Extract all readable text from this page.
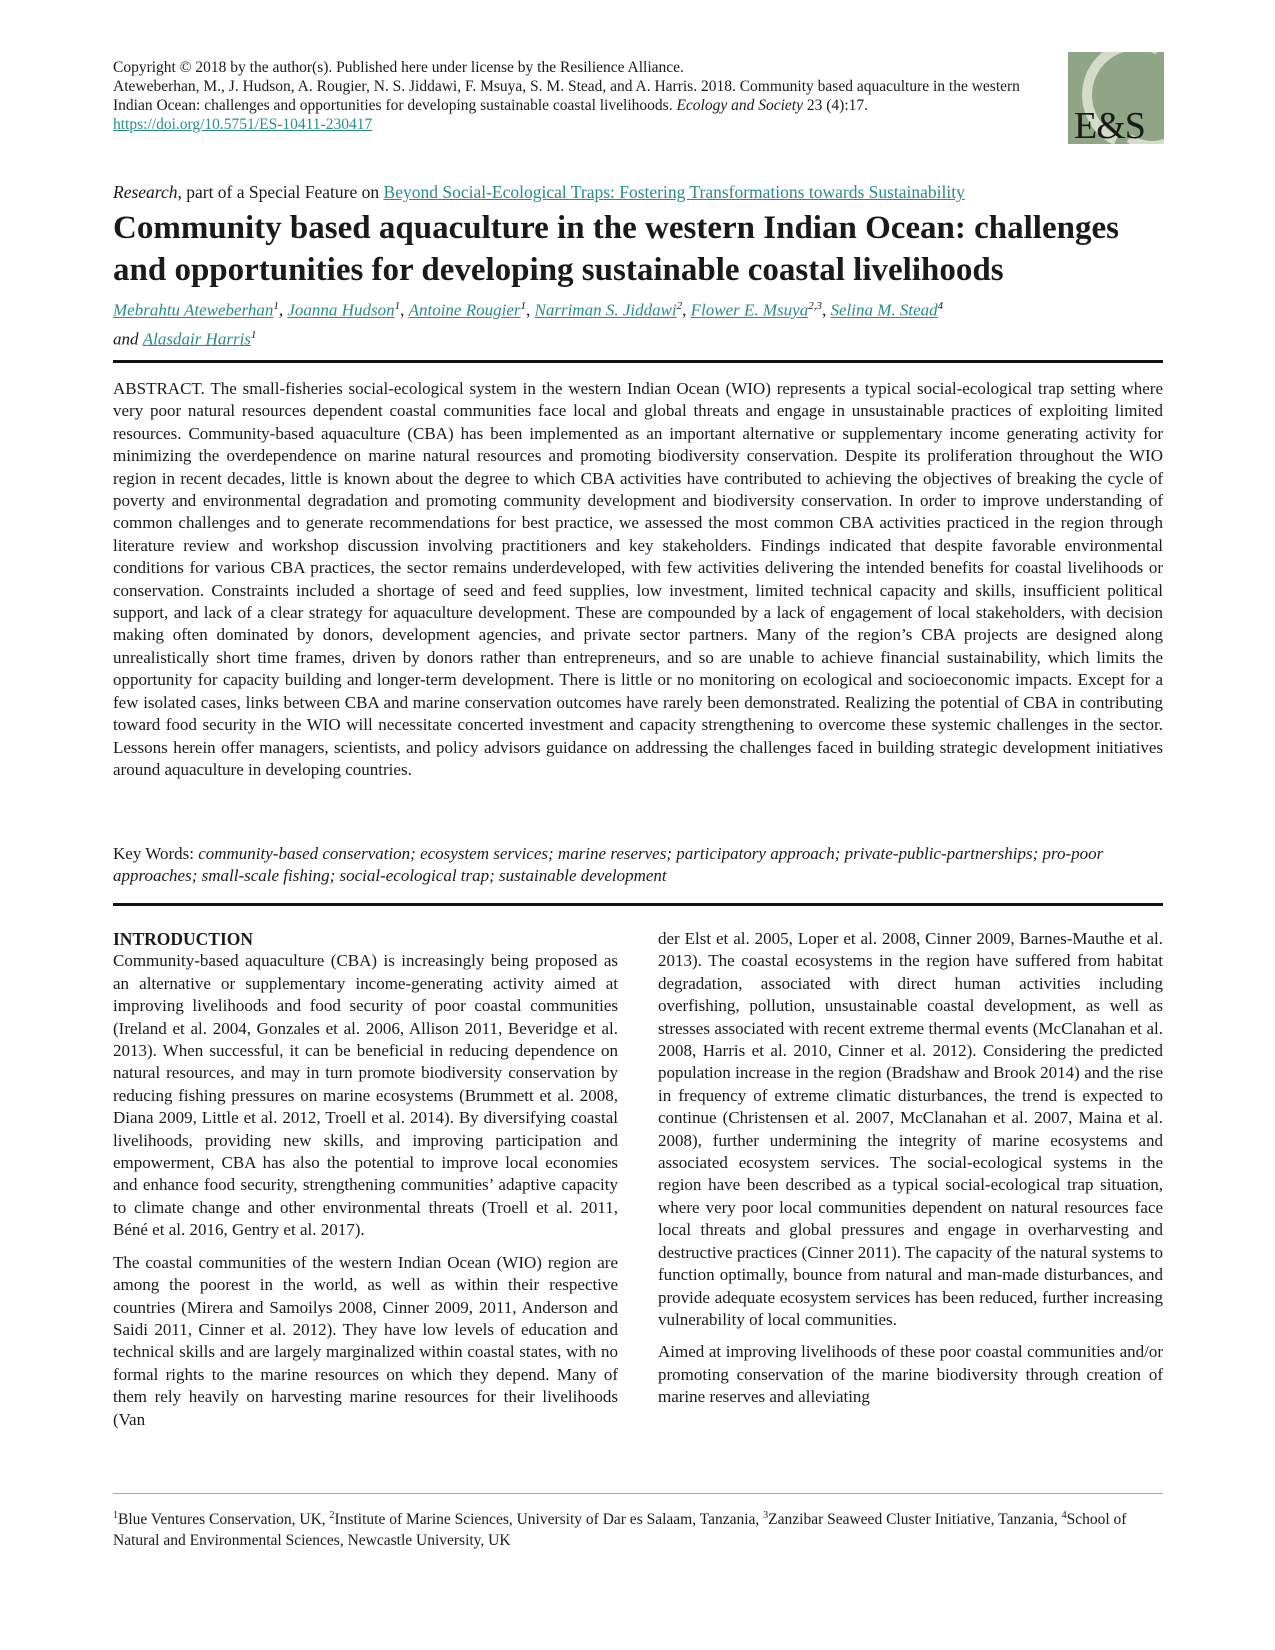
Copyright © 2018 by the author(s). Published here under license by the Resilience Alliance.
Ateweberhan, M., J. Hudson, A. Rougier, N. S. Jiddawi, F. Msuya, S. M. Stead, and A. Harris. 2018. Community based aquaculture in the western Indian Ocean: challenges and opportunities for developing sustainable coastal livelihoods. Ecology and Society 23 (4):17. https://doi.org/10.5751/ES-10411-230417	E&S
Research, part of a Special Feature on Beyond Social-Ecological Traps: Fostering Transformations towards Sustainability
Community based aquaculture in the western Indian Ocean: challenges and opportunities for developing sustainable coastal livelihoods
Mebrahtu Ateweberhan$^1$, Joanna Hudson$^1$, Antoine Rougier$^1$, Narriman S. Jiddawi$^2$, Flower E. Msuya$^{2,3}$, Selina M. Stead$^4$
and Alasdair Harris$^1$

ABSTRACT. The small-fisheries social-ecological system in the western Indian Ocean (WIO) represents a typical social-ecological trap setting where very poor natural resources dependent coastal communities face local and global threats and engage in unsustainable practices of exploiting limited resources. Community-based aquaculture (CBA) has been implemented as an important alternative or supplementary income generating activity for minimizing the overdependence on marine natural resources and promoting biodiversity conservation. Despite its proliferation throughout the WIO region in recent decades, little is known about the degree to which CBA activities have contributed to achieving the objectives of breaking the cycle of poverty and environmental degradation and promoting community development and biodiversity conservation. In order to improve understanding of common challenges and to generate recommendations for best practice, we assessed the most common CBA activities practiced in the region through literature review and workshop discussion involving practitioners and key stakeholders. Findings indicated that despite favorable environmental conditions for various CBA practices, the sector remains underdeveloped, with few activities delivering the intended benefits for coastal livelihoods or conservation. Constraints included a shortage of seed and feed supplies, low investment, limited technical capacity and skills, insufficient political support, and lack of a clear strategy for aquaculture development. These are compounded by a lack of engagement of local stakeholders, with decision making often dominated by donors, development agencies, and private sector partners. Many of the region’s CBA projects are designed along unrealistically short time frames, driven by donors rather than entrepreneurs, and so are unable to achieve financial sustainability, which limits the opportunity for capacity building and longer-term development. There is little or no monitoring on ecological and socioeconomic impacts. Except for a few isolated cases, links between CBA and marine conservation outcomes have rarely been demonstrated. Realizing the potential of CBA in contributing toward food security in the WIO will necessitate concerted investment and capacity strengthening to overcome these systemic challenges in the sector. Lessons herein offer managers, scientists, and policy advisors guidance on addressing the challenges faced in building strategic development initiatives around aquaculture in developing countries.

Key Words: community-based conservation; ecosystem services; marine reserves; participatory approach; private-public-partnerships; pro-poor approaches; small-scale fishing; social-ecological trap; sustainable development

INTRODUCTION

Community-based aquaculture (CBA) is increasingly being proposed as an alternative or supplementary income-generating activity aimed at improving livelihoods and food security of poor coastal communities (Ireland et al. 2004, Gonzales et al. 2006, Allison 2011, Beveridge et al. 2013). When successful, it can be beneficial in reducing dependence on natural resources, and may in turn promote biodiversity conservation by reducing fishing pressures on marine ecosystems (Brummett et al. 2008, Diana 2009, Little et al. 2012, Troell et al. 2014). By diversifying coastal livelihoods, providing new skills, and improving participation and empowerment, CBA has also the potential to improve local economies and enhance food security, strengthening communities’ adaptive capacity to climate change and other environmental threats (Troell et al. 2011, Béné et al. 2016, Gentry et al. 2017).

The coastal communities of the western Indian Ocean (WIO) region are among the poorest in the world, as well as within their respective countries (Mirera and Samoilys 2008, Cinner 2009, 2011, Anderson and Saidi 2011, Cinner et al. 2012). They have low levels of education and technical skills and are largely marginalized within coastal states, with no formal rights to the marine resources on which they depend. Many of them rely heavily on harvesting marine resources for their livelihoods (Van

der Elst et al. 2005, Loper et al. 2008, Cinner 2009, Barnes-Mauthe et al. 2013). The coastal ecosystems in the region have suffered from habitat degradation, associated with direct human activities including overfishing, pollution, unsustainable coastal development, as well as stresses associated with recent extreme thermal events (McClanahan et al. 2008, Harris et al. 2010, Cinner et al. 2012). Considering the predicted population increase in the region (Bradshaw and Brook 2014) and the rise in frequency of extreme climatic disturbances, the trend is expected to continue (Christensen et al. 2007, McClanahan et al. 2007, Maina et al. 2008), further undermining the integrity of marine ecosystems and associated ecosystem services. The social-ecological systems in the region have been described as a typical social-ecological trap situation, where very poor local communities dependent on natural resources face local threats and global pressures and engage in overharvesting and destructive practices (Cinner 2011). The capacity of the natural systems to function optimally, bounce from natural and man-made disturbances, and provide adequate ecosystem services has been reduced, further increasing vulnerability of local communities.

Aimed at improving livelihoods of these poor coastal communities and/or promoting conservation of the marine biodiversity through creation of marine reserves and alleviating

$^1$Blue Ventures Conservation, UK, $^2$Institute of Marine Sciences, University of Dar es Salaam, Tanzania, $^3$Zanzibar Seaweed Cluster Initiative, Tanzania, $^4$School of Natural and Environmental Sciences, Newcastle University, UK
